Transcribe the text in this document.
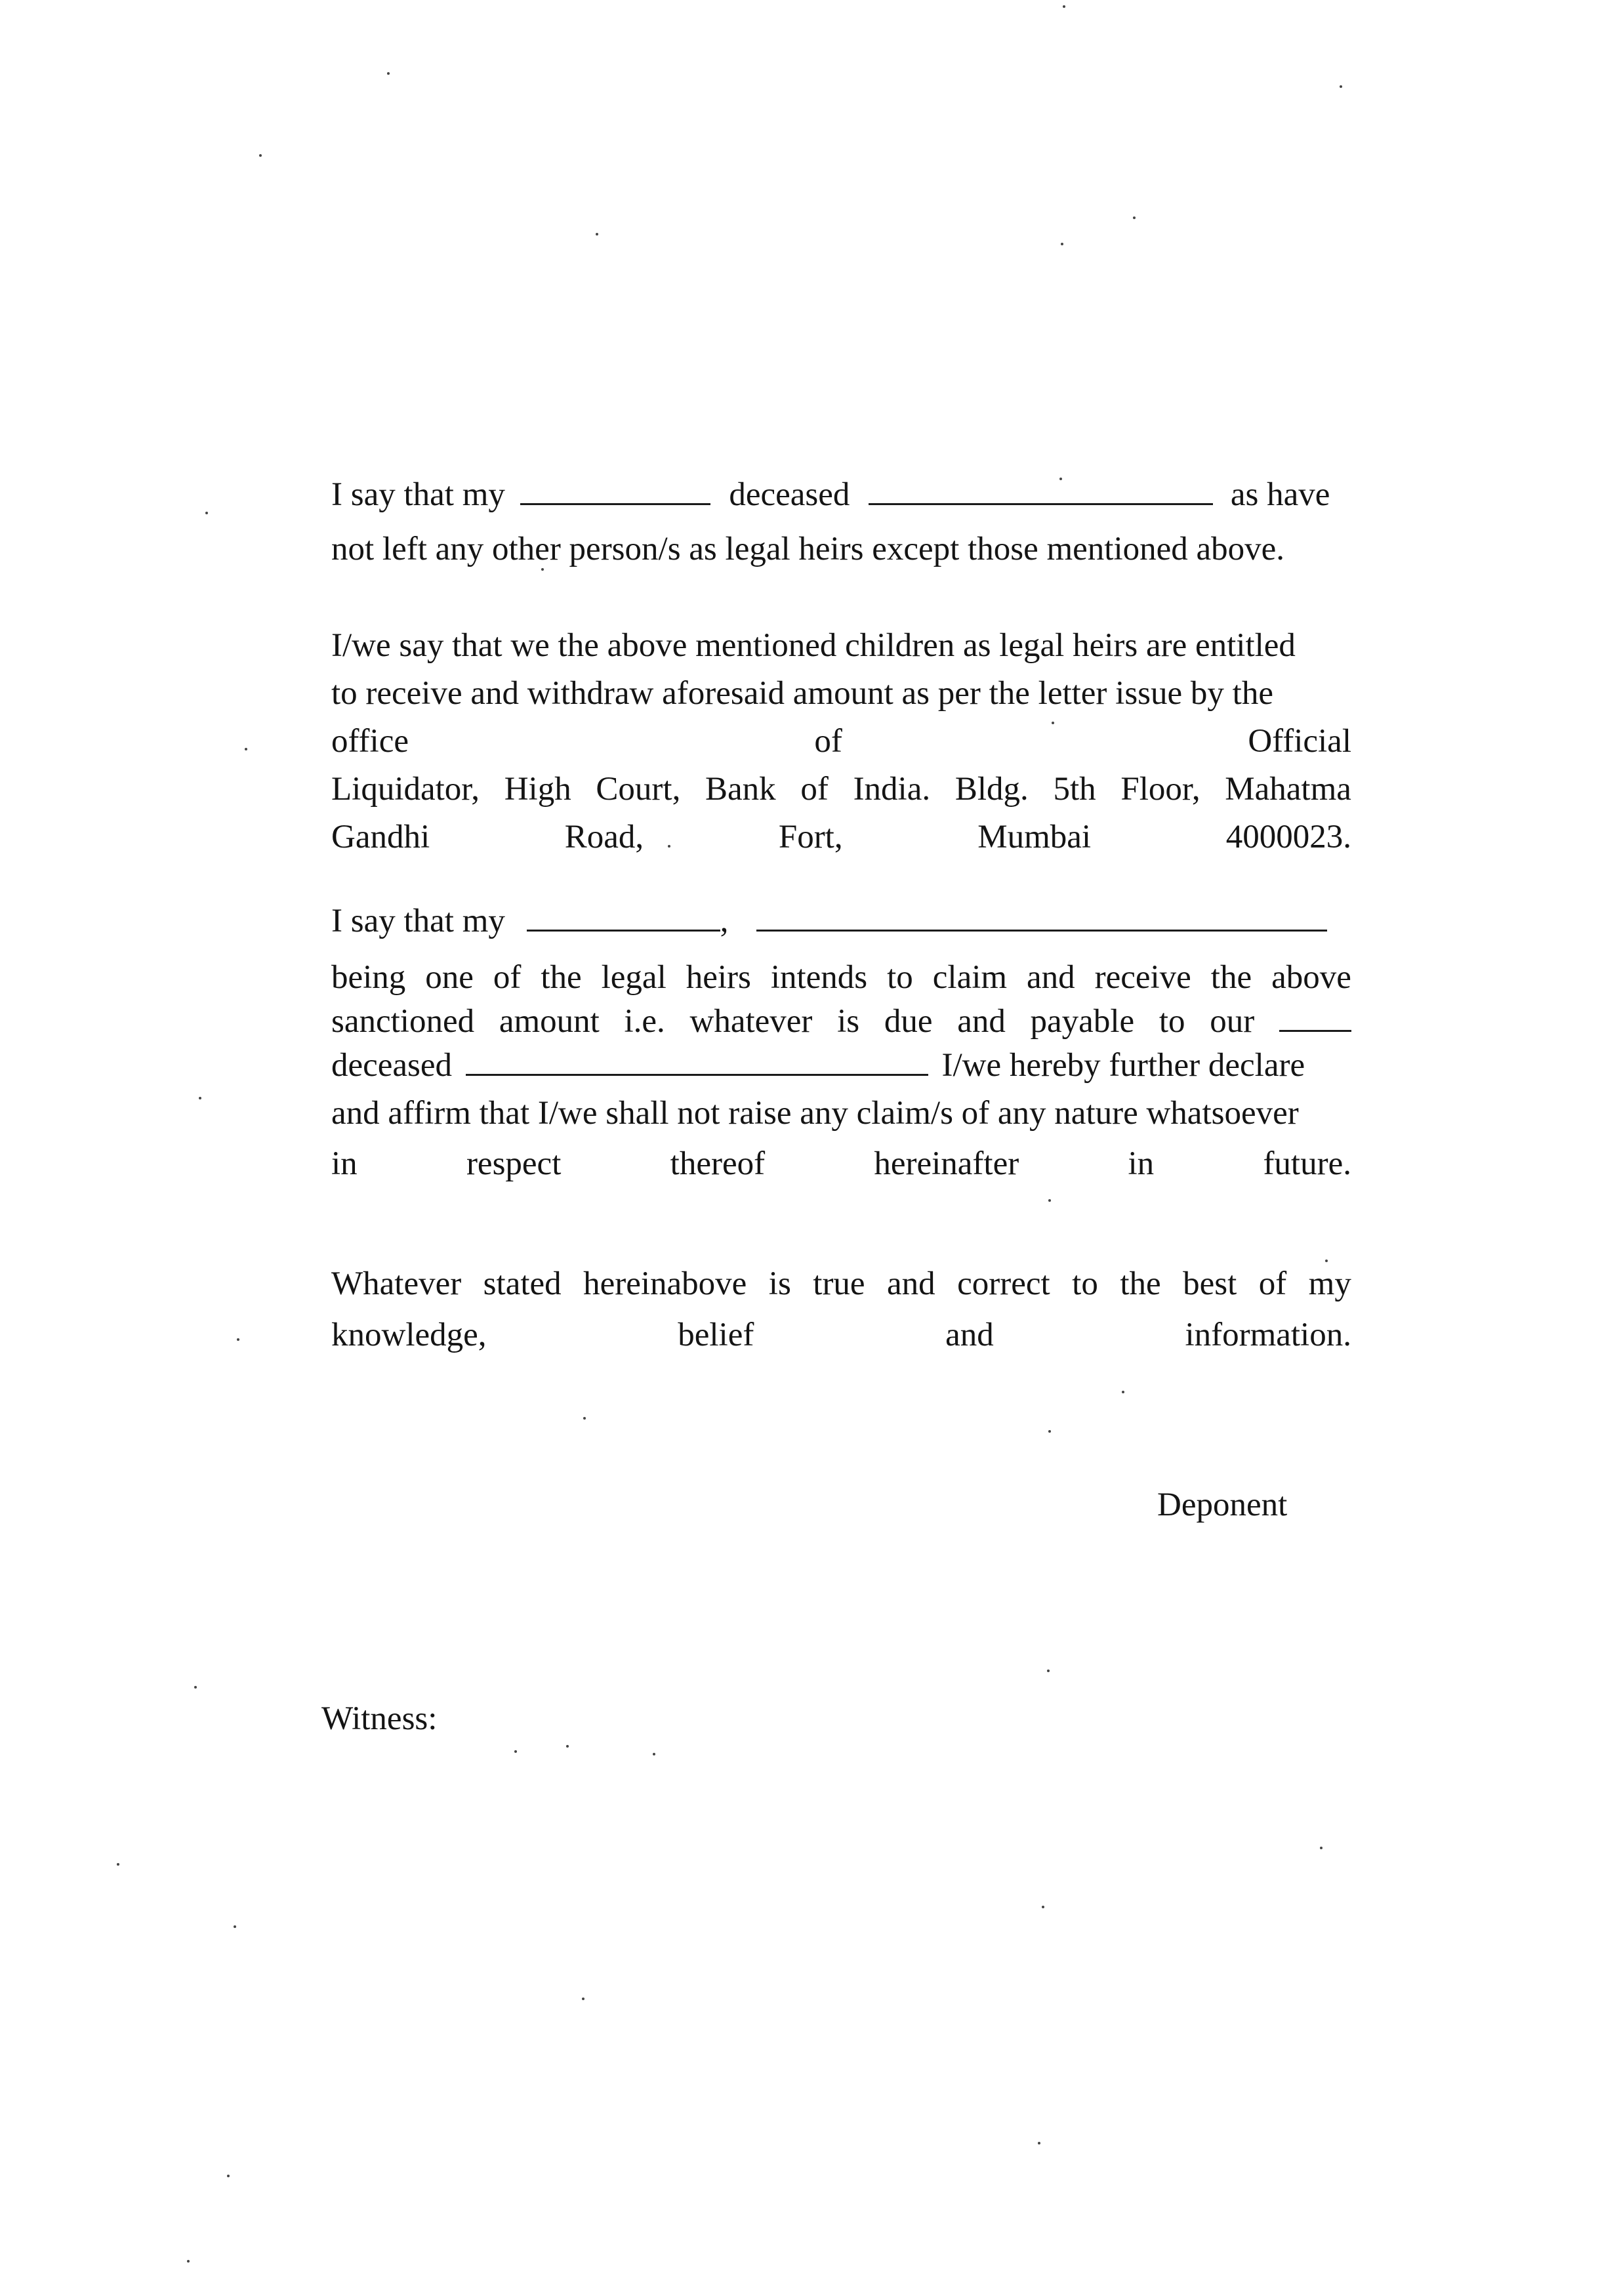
I say that my	deceased	as have
not left any other person/s as legal heirs except those mentioned above.
I/we say that we the above mentioned children as legal heirs are entitled
to receive and withdraw aforesaid amount as per the letter issue by the
office	of	Official
Liquidator, High Court, Bank of India. Bldg. 5th Floor, Mahatma
Gandhi	Road,	Fort,	Mumbai	4000023.
I say that my	,
being one of the legal heirs intends to claim and receive the above
sanctioned amount i.e. whatever is due and payable to our
deceased	I/we hereby further declare
and affirm that I/we shall not raise any claim/s of any nature whatsoever
in	respect	thereof	hereinafter	in	future.
Whatever stated hereinabove is true and correct to the best of my
knowledge,	belief	and	information.
Deponent
Witness:
